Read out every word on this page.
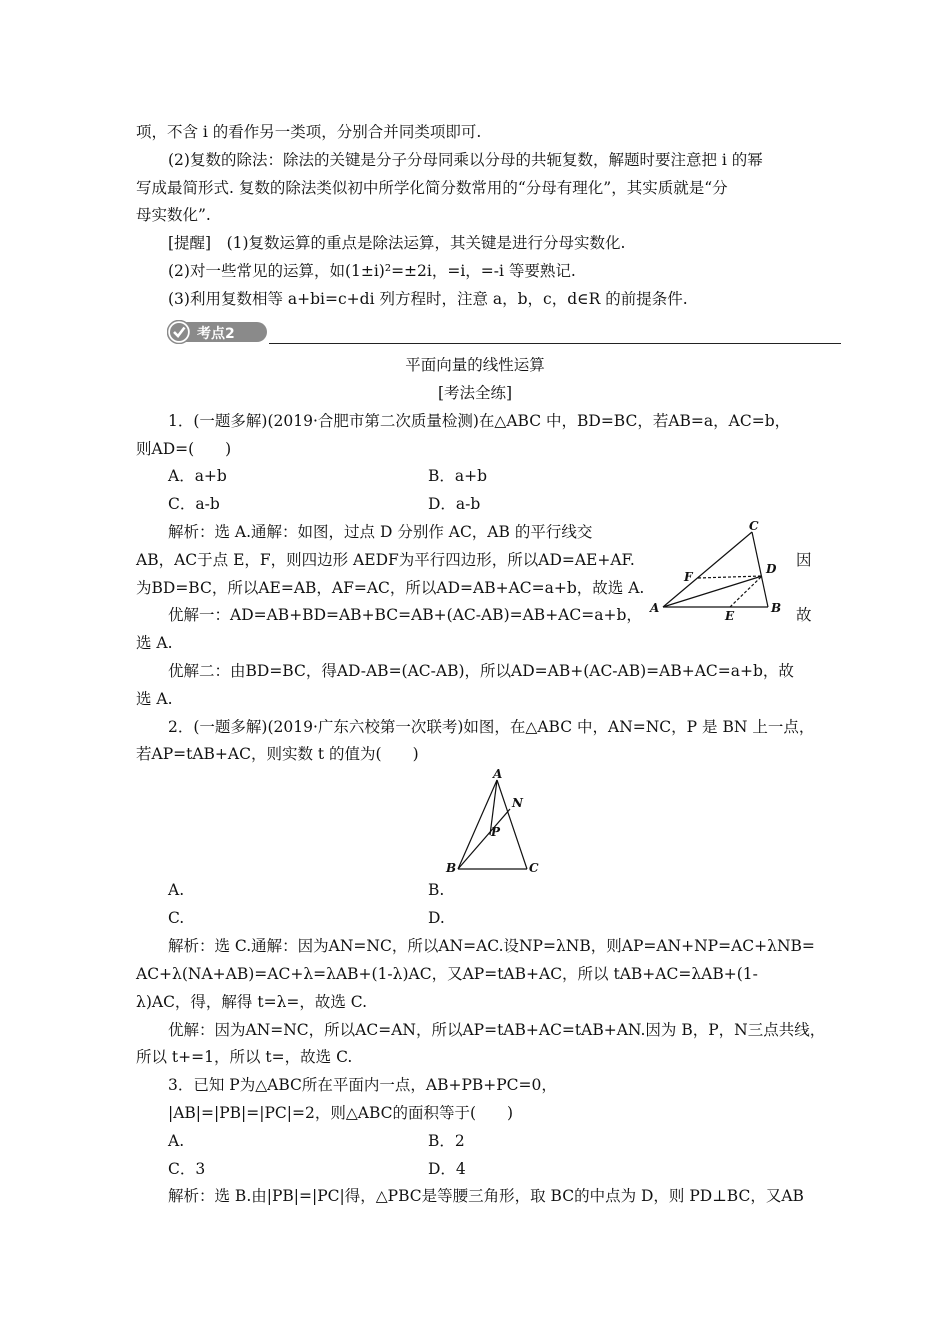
项，不含 i 的看作另一类项，分别合并同类项即可.
(2)复数的除法：除法的关键是分子分母同乘以分母的共轭复数，解题时要注意把 i 的幂
写成最简形式. 复数的除法类似初中所学化简分数常用的“分母有理化”，其实质就是“分
母实数化”.
[提醒]　(1)复数运算的重点是除法运算，其关键是进行分母实数化.
(2)对一些常见的运算，如(1±i)²=±2i，=i，=-i 等要熟记.
(3)利用复数相等 a+bi=c+di 列方程时，注意 a，b，c，d∈R 的前提条件.
考点2
平面向量的线性运算
[考法全练]
1．(一题多解)(2019·合肥市第二次质量检测)在△ABC 中，BD=BC，若AB=a，AC=b，
则AD=(　　)
A．a+b	B．a+b
C．a-b	D．a-b
解析：选 A.通解：如图，过点 D 分别作 AC，AB 的平行线交
AB，AC于点 E，F，则四边形 AEDF为平行四边形，所以AD=AE+AF.	因
为BD=BC，所以AE=AB，AF=AC，所以AD=AB+AC=a+b，故选 A.
优解一：AD=AB+BD=AB+BC=AB+(AC-AB)=AB+AC=a+b，	故
选 A.
优解二：由BD=BC，得AD-AB=(AC-AB)，所以AD=AB+(AC-AB)=AB+AC=a+b，故
选 A.
A	B
C
D
E
F
2．(一题多解)(2019·广东六校第一次联考)如图，在△ABC 中，AN=NC，P 是 BN 上一点，
若AP=tAB+AC，则实数 t 的值为(　　)
A
B	C
N
P
A.	B.
C.	D.
解析：选 C.通解：因为AN=NC，所以AN=AC.设NP=λNB，则AP=AN+NP=AC+λNB=
AC+λ(NA+AB)=AC+λ=λAB+(1-λ)AC，又AP=tAB+AC，所以 tAB+AC=λAB+(1-
λ)AC，得，解得 t=λ=，故选 C.
优解：因为AN=NC，所以AC=AN，所以AP=tAB+AC=tAB+AN.因为 B，P，N三点共线，
所以 t+=1，所以 t=，故选 C.
3．已知 P为△ABC所在平面内一点，AB+PB+PC=0，
|AB|=|PB|=|PC|=2，则△ABC的面积等于(　　)
A.	B．2
C．3	D．4
解析：选 B.由|PB|=|PC|得，△PBC是等腰三角形，取 BC的中点为 D，则 PD⊥BC，又AB
